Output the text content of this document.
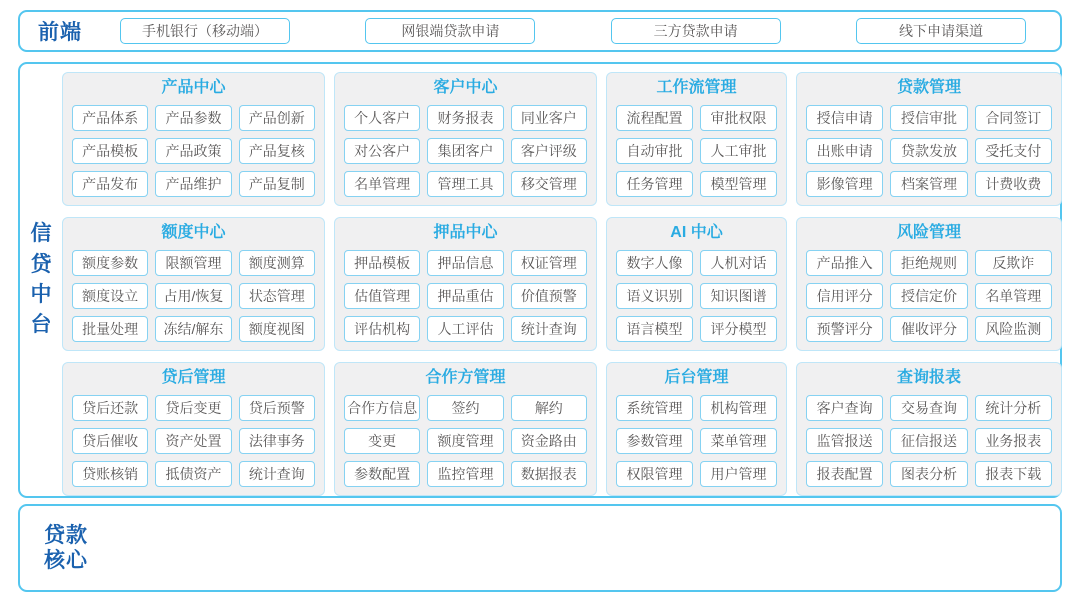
前端	手机银行（移动端）	网银端贷款申请	三方贷款申请	线下申请渠道
信贷中台
产品中心
产品体系	产品参数	产品创新
产品模板	产品政策	产品复核
产品发布	产品维护	产品复制
客户中心
个人客户	财务报表	同业客户
对公客户	集团客户	客户评级
名单管理	管理工具	移交管理
工作流管理
流程配置	审批权限
自动审批	人工审批
任务管理	模型管理
贷款管理
授信申请	授信审批	合同签订
出账申请	贷款发放	受托支付
影像管理	档案管理	计费收费
额度中心
额度参数	限额管理	额度测算
额度设立	占用/恢复	状态管理
批量处理	冻结/解东	额度视图
押品中心
押品模板	押品信息	权证管理
估值管理	押品重估	价值预警
评估机构	人工评估	统计查询
AI 中心
数字人像	人机对话
语义识别	知识图谱
语言模型	评分模型
风险管理
产品推入	拒绝规则	反欺诈
信用评分	授信定价	名单管理
预警评分	催收评分	风险监测
贷后管理
贷后还款	贷后变更	贷后预警
贷后催收	资产处置	法律事务
贷账核销	抵债资产	统计查询
合作方管理
合作方信息	签约	解约
变更	额度管理	资金路由
参数配置	监控管理	数据报表
后台管理
系统管理	机构管理
参数管理	菜单管理
权限管理	用户管理
查询报表
客户查询	交易查询	统计分析
监管报送	征信报送	业务报表
报表配置	图表分析	报表下载
贷款核心
